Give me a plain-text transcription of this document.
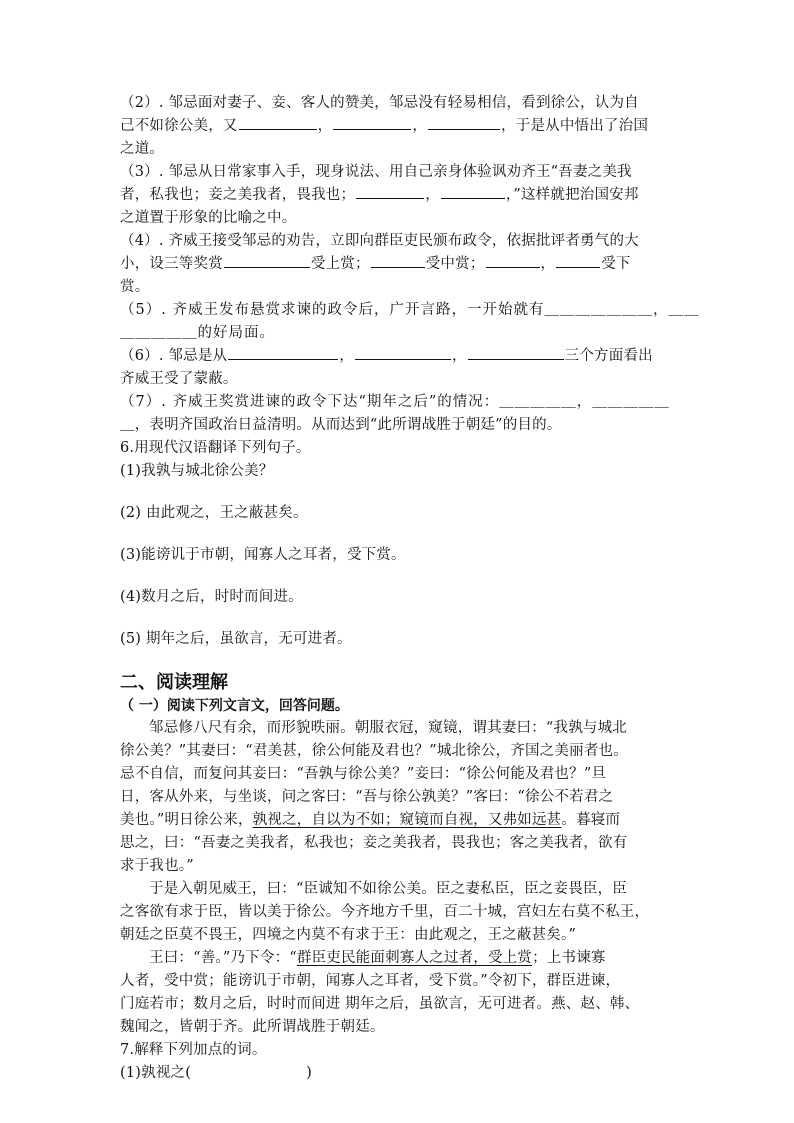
（2）. 邹忌面对妻子、妾、客人的赞美，邹忌没有轻易相信，看到徐公，认为自
己不如徐公美，又	，	，	，于是从中悟出了治国
之道。
（3）. 邹忌从日常家事入手，现身说法、用自己亲身体验讽劝齐王“吾妻之美我
者，私我也；妾之美我者，畏我也；	，	，”这样就把治国安邦
之道置于形象的比喻之中。
（4）. 齐威王接受邹忌的劝告，立即向群臣吏民颁布政令，依据批评者勇气的大
小，设三等奖赏	受上赏；	受中赏；	，	受下
赏。
（5）. 齐威王发布悬赏求谏的政令后，广开言路，一开始就有＿＿＿＿＿＿＿，＿＿
＿＿＿＿＿的好局面。
（6）. 邹忌是从	，	，	三个方面看出
齐威王受了蒙蔽。
（7）. 齐威王奖赏进谏的政令下达“期年之后”的情况：＿＿＿＿＿，＿＿＿＿＿
＿，表明齐国政治日益清明。从而达到“此所谓战胜于朝廷”的目的。
6.用现代汉语翻译下列句子。
(1)我孰与城北徐公美？
(2) 由此观之，王之蔽甚矣。
(3)能谤讥于市朝，闻寡人之耳者，受下赏。
(4)数月之后，时时而间进。
(5) 期年之后，虽欲言，无可进者。
二、阅读理解
（ 一）阅读下列文言文，回答问题。
邹忌修八尺有余，而形貌昳丽。朝服衣冠，窥镜，谓其妻曰：“我孰与城北
徐公美？”其妻曰：“君美甚，徐公何能及君也？”城北徐公，齐国之美丽者也。
忌不自信，而复问其妾曰：“吾孰与徐公美？”妾曰：“徐公何能及君也？”旦
日，客从外来，与坐谈，问之客曰：“吾与徐公孰美？”客曰：“徐公不若君之
美也。”明日徐公来，孰视之，自以为不如；窥镜而自视，又弗如远甚。暮寝而
思之，曰：“吾妻之美我者，私我也；妾之美我者，畏我也；客之美我者，欲有
求于我也。”
于是入朝见威王，曰：“臣诚知不如徐公美。臣之妻私臣，臣之妾畏臣，臣
之客欲有求于臣，皆以美于徐公。今齐地方千里，百二十城，宫妇左右莫不私王，
朝廷之臣莫不畏王，四境之内莫不有求于王：由此观之，王之蔽甚矣。”
王曰：“善。”乃下令：“群臣吏民能面刺寡人之过者，受上赏；上书谏寡
人者，受中赏；能谤讥于市朝，闻寡人之耳者，受下赏。”令初下，群臣进谏，
门庭若市；数月之后，时时而间进 期年之后，虽欲言，无可进者。燕、赵、韩、
魏闻之，皆朝于齐。此所谓战胜于朝廷。
7.解释下列加点的词。
(1)孰视之(	)
